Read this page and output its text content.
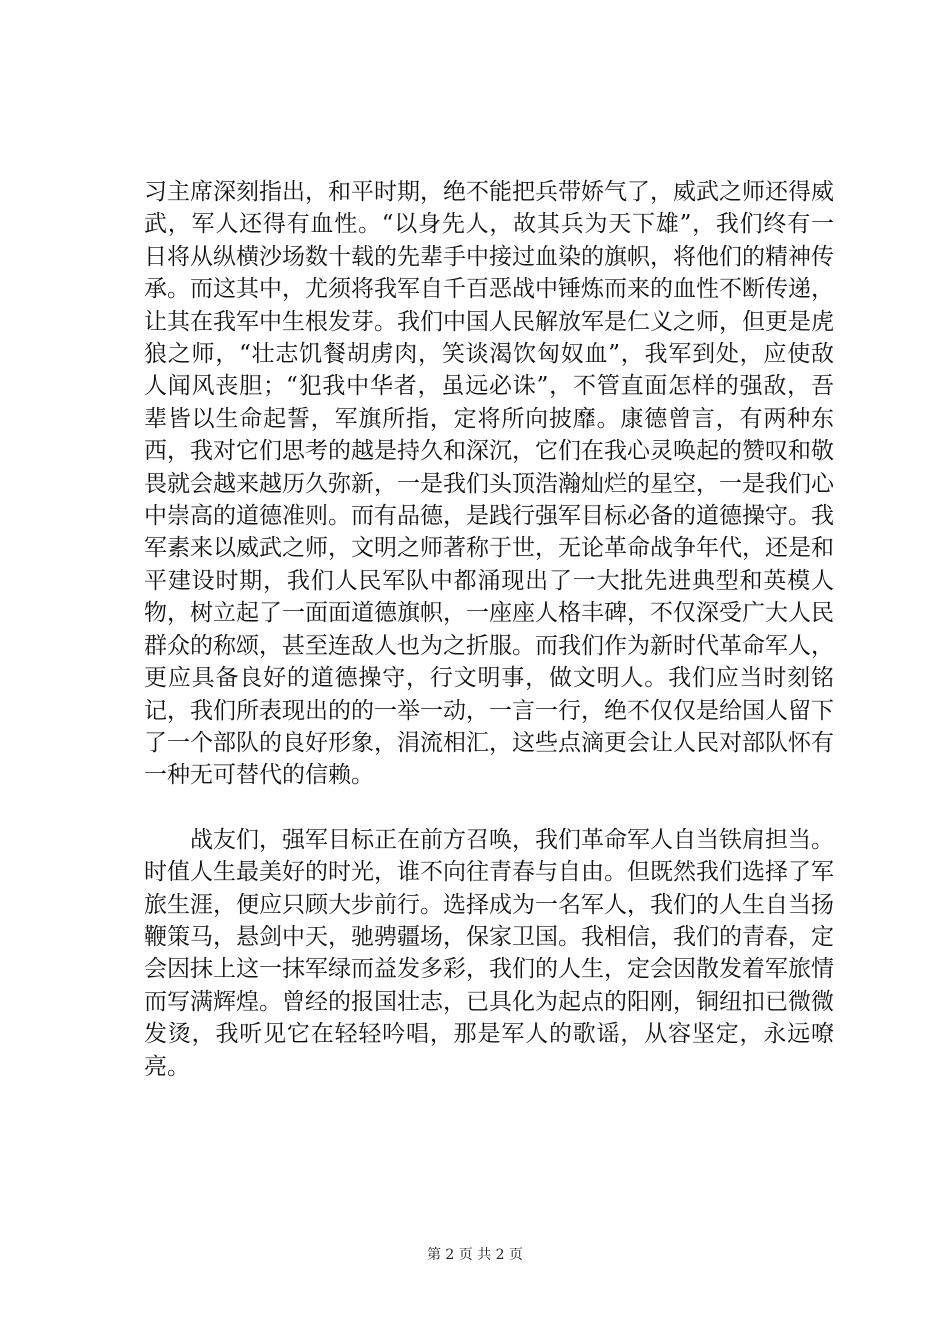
习主席深刻指出，和平时期，绝不能把兵带娇气了，威武之师还得威武，军人还得有血性。“以身先人，故其兵为天下雄”，我们终有一日将从纵横沙场数十载的先辈手中接过血染的旗帜，将他们的精神传承。而这其中，尤须将我军自千百恶战中锤炼而来的血性不断传递，让其在我军中生根发芽。我们中国人民解放军是仁义之师，但更是虎狼之师，“壮志饥餐胡虏肉，笑谈渴饮匈奴血”，我军到处，应使敌人闻风丧胆；“犯我中华者，虽远必诛”，不管直面怎样的强敌，吾辈皆以生命起誓，军旗所指，定将所向披靡。康德曾言，有两种东西，我对它们思考的越是持久和深沉，它们在我心灵唤起的赞叹和敬畏就会越来越历久弥新，一是我们头顶浩瀚灿烂的星空，一是我们心中崇高的道德准则。而有品德，是践行强军目标必备的道德操守。我军素来以威武之师，文明之师著称于世，无论革命战争年代，还是和平建设时期，我们人民军队中都涌现出了一大批先进典型和英模人物，树立起了一面面道德旗帜，一座座人格丰碑，不仅深受广大人民群众的称颂，甚至连敌人也为之折服。而我们作为新时代革命军人，更应具备良好的道德操守，行文明事，做文明人。我们应当时刻铭记，我们所表现出的的一举一动，一言一行，绝不仅仅是给国人留下了一个部队的良好形象，涓流相汇，这些点滴更会让人民对部队怀有一种无可替代的信赖。

战友们，强军目标正在前方召唤，我们革命军人自当铁肩担当。时值人生最美好的时光，谁不向往青春与自由。但既然我们选择了军旅生涯，便应只顾大步前行。选择成为一名军人，我们的人生自当扬鞭策马，悬剑中天，驰骋疆场，保家卫国。我相信，我们的青春，定会因抹上这一抹军绿而益发多彩，我们的人生，定会因散发着军旅情而写满辉煌。曾经的报国壮志，已具化为起点的阳刚，铜纽扣已微微发烫，我听见它在轻轻吟唱，那是军人的歌谣，从容坚定，永远嘹亮。

第 2 页 共 2 页
